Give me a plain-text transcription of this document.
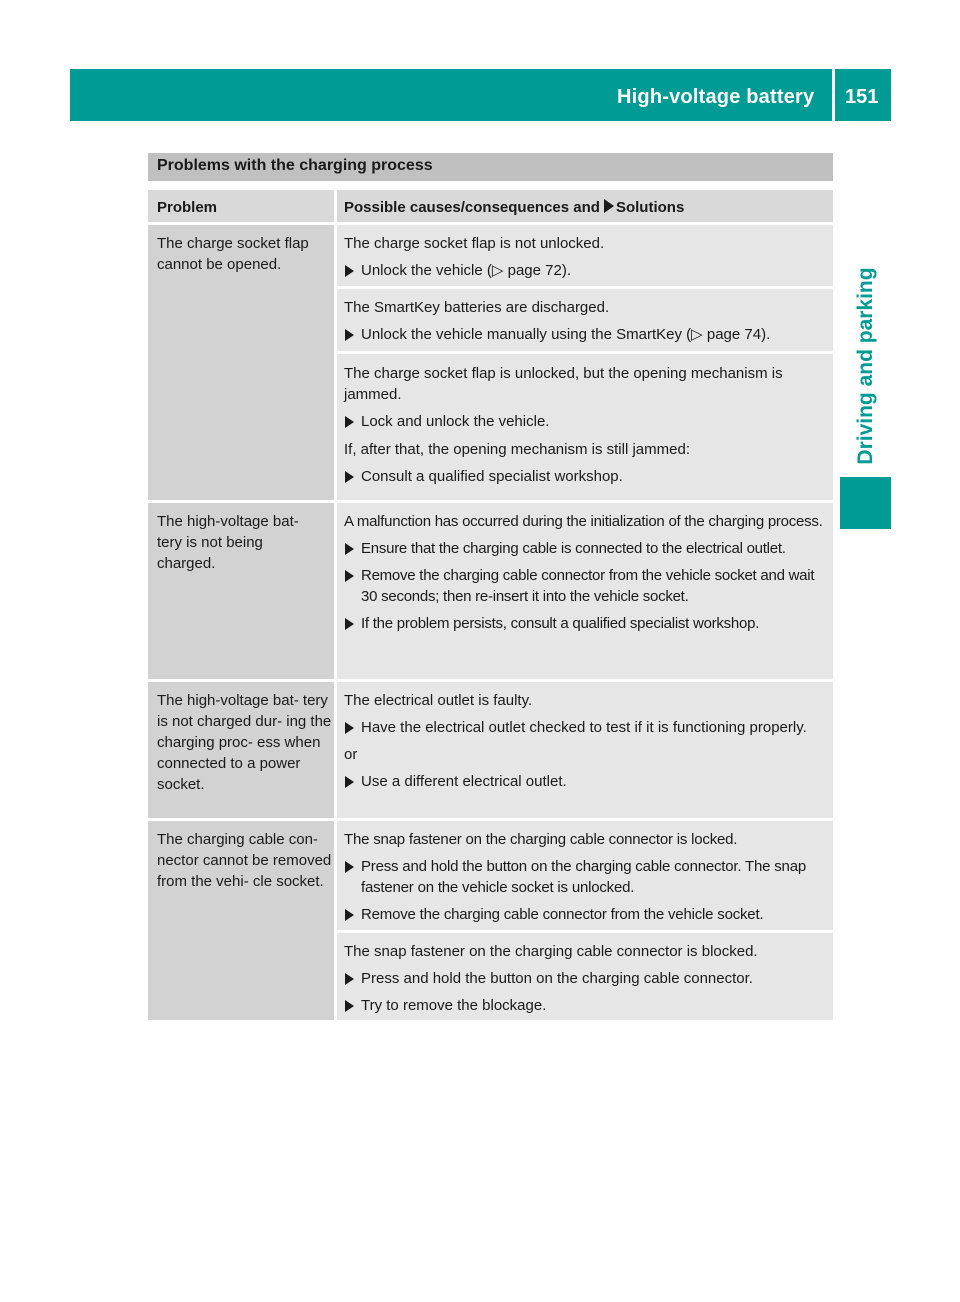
High-voltage battery 151
Driving and parking
Problems with the charging process
Problem	Possible causes/consequences and Solutions
The charge socket flap cannot be opened.

The charge socket flap is not unlocked.

Unlock the vehicle (▷ page 72).

The SmartKey batteries are discharged.

Unlock the vehicle manually using the SmartKey (▷ page 74).

The charge socket flap is unlocked, but the opening mechanism is jammed.

Lock and unlock the vehicle.

If, after that, the opening mechanism is still jammed:

Consult a qualified specialist workshop.

The high-voltage bat- tery is not being charged.

A malfunction has occurred during the initialization of the charging process.

Ensure that the charging cable is connected to the electrical outlet.

Remove the charging cable connector from the vehicle socket and wait 30 seconds; then re-insert it into the vehicle socket.

If the problem persists, consult a qualified specialist workshop.

The high-voltage bat- tery is not charged dur- ing the charging proc- ess when connected to a power socket.

The electrical outlet is faulty.

Have the electrical outlet checked to test if it is functioning properly.

or

Use a different electrical outlet.

The charging cable con- nector cannot be removed from the vehi- cle socket.

The snap fastener on the charging cable connector is locked.

Press and hold the button on the charging cable connector. The snap fastener on the vehicle socket is unlocked.

Remove the charging cable connector from the vehicle socket.

The snap fastener on the charging cable connector is blocked.

Press and hold the button on the charging cable connector.

Try to remove the blockage.
